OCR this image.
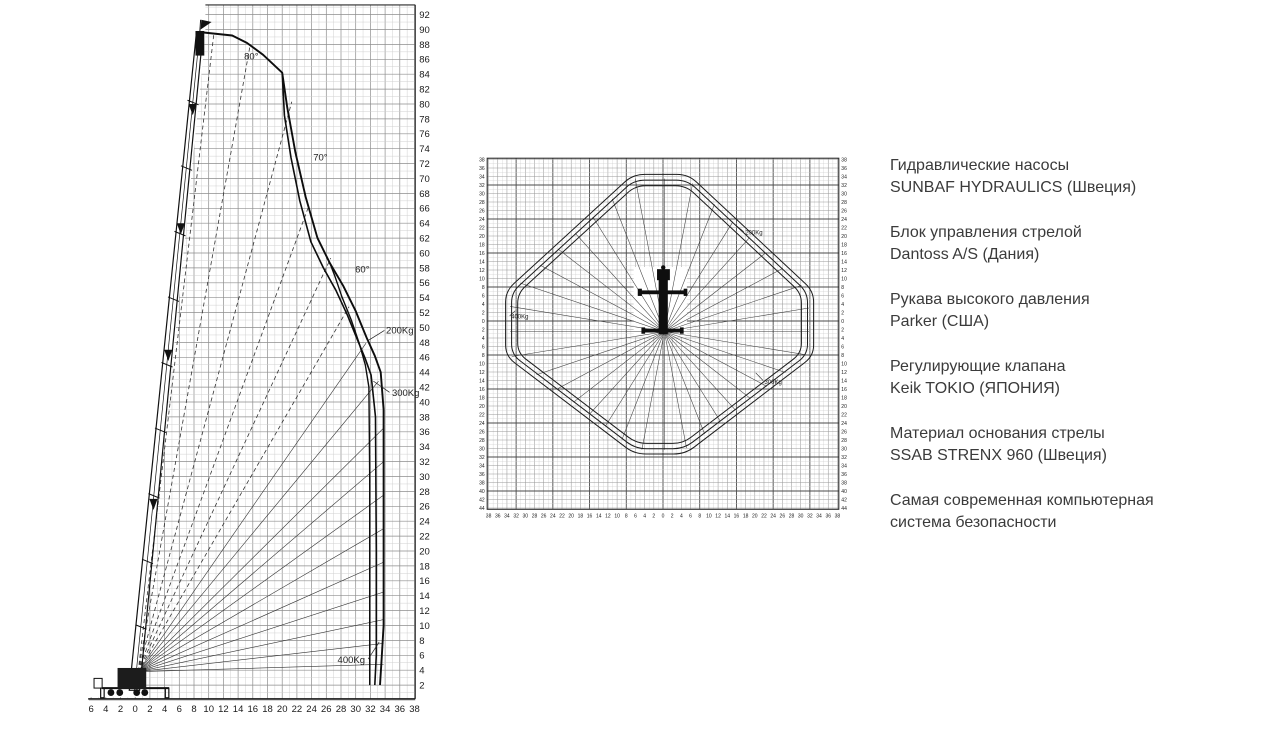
80°
70°
60°
200Kg
300Kg
400Kg
6 4 2 0 2 4 6 8 10 12 14 16 18 20 22 24 26 28 30 32 34 36 38
2
4
6
8
10
12
14
16
18
20
22
24
26
28
30
32
34
36
38
40
42
44
46
48
50
52
54
56
58
60
62
64
66
68
70
72
74
76
78
80
82
84
86
88
90
92
200Kg
400Kg
300Kg
44	44
42	42
40	40
38	38
36	36
34	34
32	32
30	30
28	28
26	26
24	24
22	22
20	20
18	18
16	16
14	14
12	12
10	10
8	8
6	6
4	4
2	2
0	0
2	2
4	4
6	6
8	8
10	10
12	12
14	14
16	16
18	18
20	20
22	22
24	24
26	26
28	28
30	30
32	32
34	34
36	36
38	38
38 36 34 32 30 28 26 24 22 20 18 16 14 12 10 8 6 4 2 0 2 4 6 8 10 12 14 16 18 20 22 24 26 28 30 32 34 36 38
Гидравлические насосы
SUNBAF HYDRAULICS (Швеция)
Блок управления стрелой
Dantoss A/S (Дания)
Рукава высокого давления
Parker (США)
Регулирующие клапана
Keik TOKIO (ЯПОНИЯ)
Материал основания стрелы
SSAB STRENX 960 (Швеция)
Самая современная компьютерная
система безопасности
